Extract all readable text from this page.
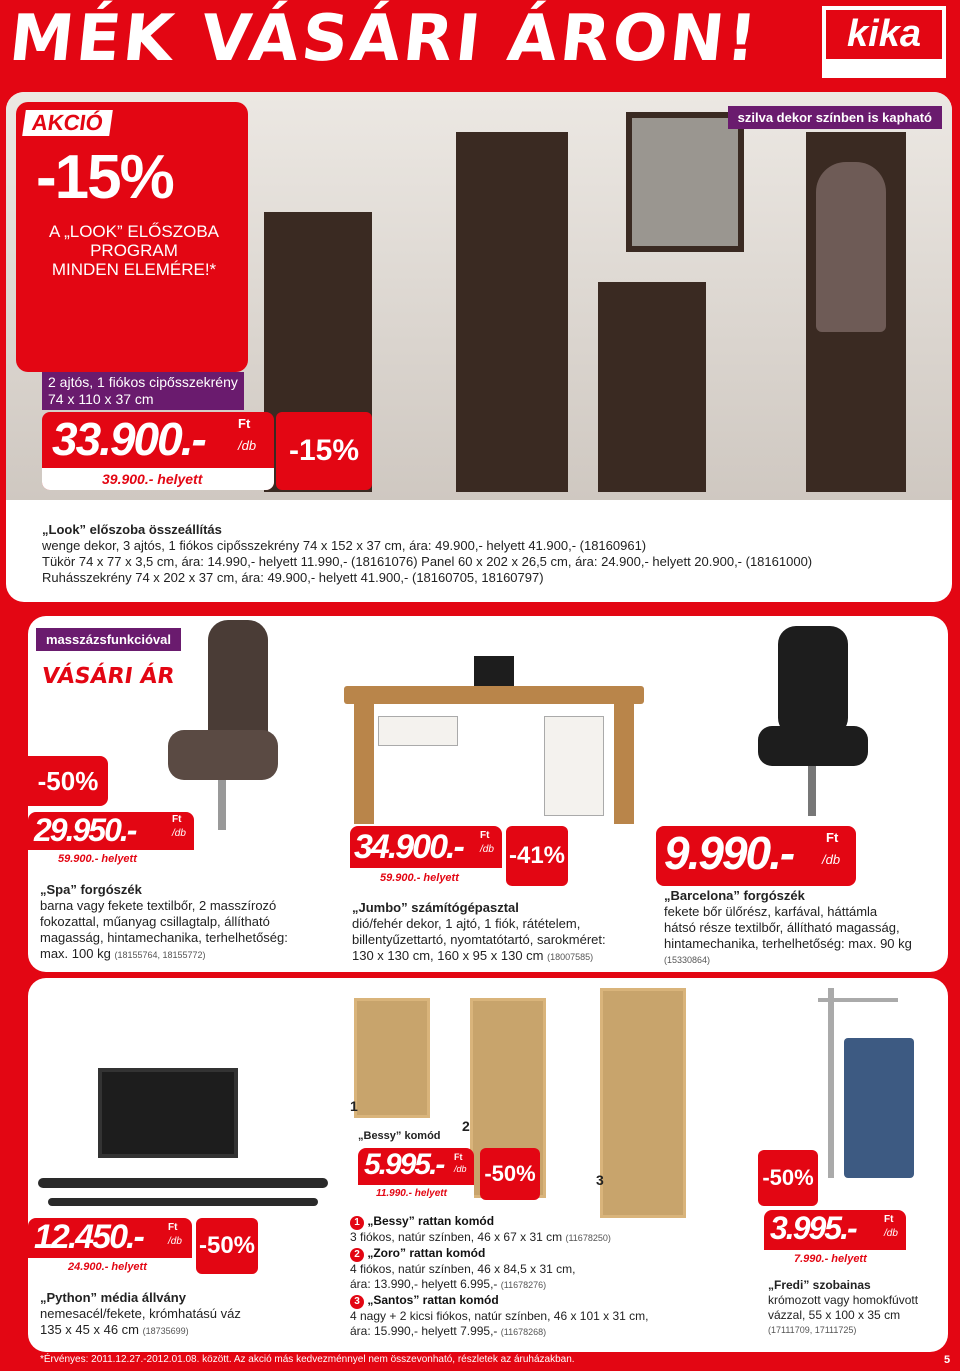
MÉK VÁSÁRI ÁRON!	kika
AKCIÓ
-15%
A „LOOK” ELŐSZOBA
PROGRAM
MINDEN ELEMÉRE!*
szilva dekor színben is kapható
2 ajtós, 1 fiókos cipősszekrény
74 x 110 x 37 cm
33.900.-	Ft
/db
39.900.- helyett
-15%
„Look” előszoba összeállítás
wenge dekor, 3 ajtós, 1 fiókos cipősszekrény 74 x 152 x 37 cm, ára: 49.900,- helyett 41.900,- (18160961)
Tükör 74 x 77 x 3,5 cm, ára: 14.990,- helyett 11.990,- (18161076) Panel 60 x 202 x 26,5 cm, ára: 24.900,- helyett 20.900,- (18161000)
Ruhásszekrény 74 x 202 x 37 cm, ára: 49.900,- helyett 41.900,- (18160705, 18160797)
masszázsfunkcióval
VÁSÁRI ÁR
-50%
29.950.-	Ft
/db
59.900.- helyett
„Spa” forgószék
barna vagy fekete textilbőr, 2 masszírozó
fokozattal, műanyag csillagtalp, állítható
magasság, hintamechanika, terhelhetőség:
max. 100 kg (18155764, 18155772)
34.900.- Ft
/db
59.900.- helyett
-41%
„Jumbo” számítógépasztal
dió/fehér dekor, 1 ajtó, 1 fiók, rátételem,
billentyűzettartó, nyomtatótartó, sarokméret:
130 x 130 cm, 160 x 95 x 130 cm (18007585)
9.990.-	Ft
/db
„Barcelona” forgószék
fekete bőr ülőrész, karfával, háttámla
hátsó része textilbőr, állítható magasság,
hintamechanika, terhelhetőség: max. 90 kg
(15330864)
12.450.-	Ft
/db
24.900.- helyett
-50%
„Python” média állvány
nemesacél/fekete, krómhatású váz
135 x 45 x 46 cm (18735699)
1
2
3
„Bessy” komód
5.995.- Ft
/db
11.990.- helyett
-50%
1 „Bessy” rattan komód
3 fiókos, natúr színben, 46 x 67 x 31 cm (11678250)
2 „Zoro” rattan komód
4 fiókos, natúr színben, 46 x 84,5 x 31 cm,
ára: 13.990,- helyett 6.995,- (11678276)
3 „Santos” rattan komód
4 nagy + 2 kicsi fiókos, natúr színben, 46 x 101 x 31 cm,
ára: 15.990,- helyett 7.995,- (11678268)
-50%
3.995.-	Ft
/db
7.990.- helyett
„Fredi” szobainas
krómozott vagy homokfúvott
vázzal, 55 x 100 x 35 cm
(17111709, 17111725)
*Érvényes: 2011.12.27.-2012.01.08. között. Az akció más kedvezménnyel nem összevonható, részletek az áruházakban.	5
